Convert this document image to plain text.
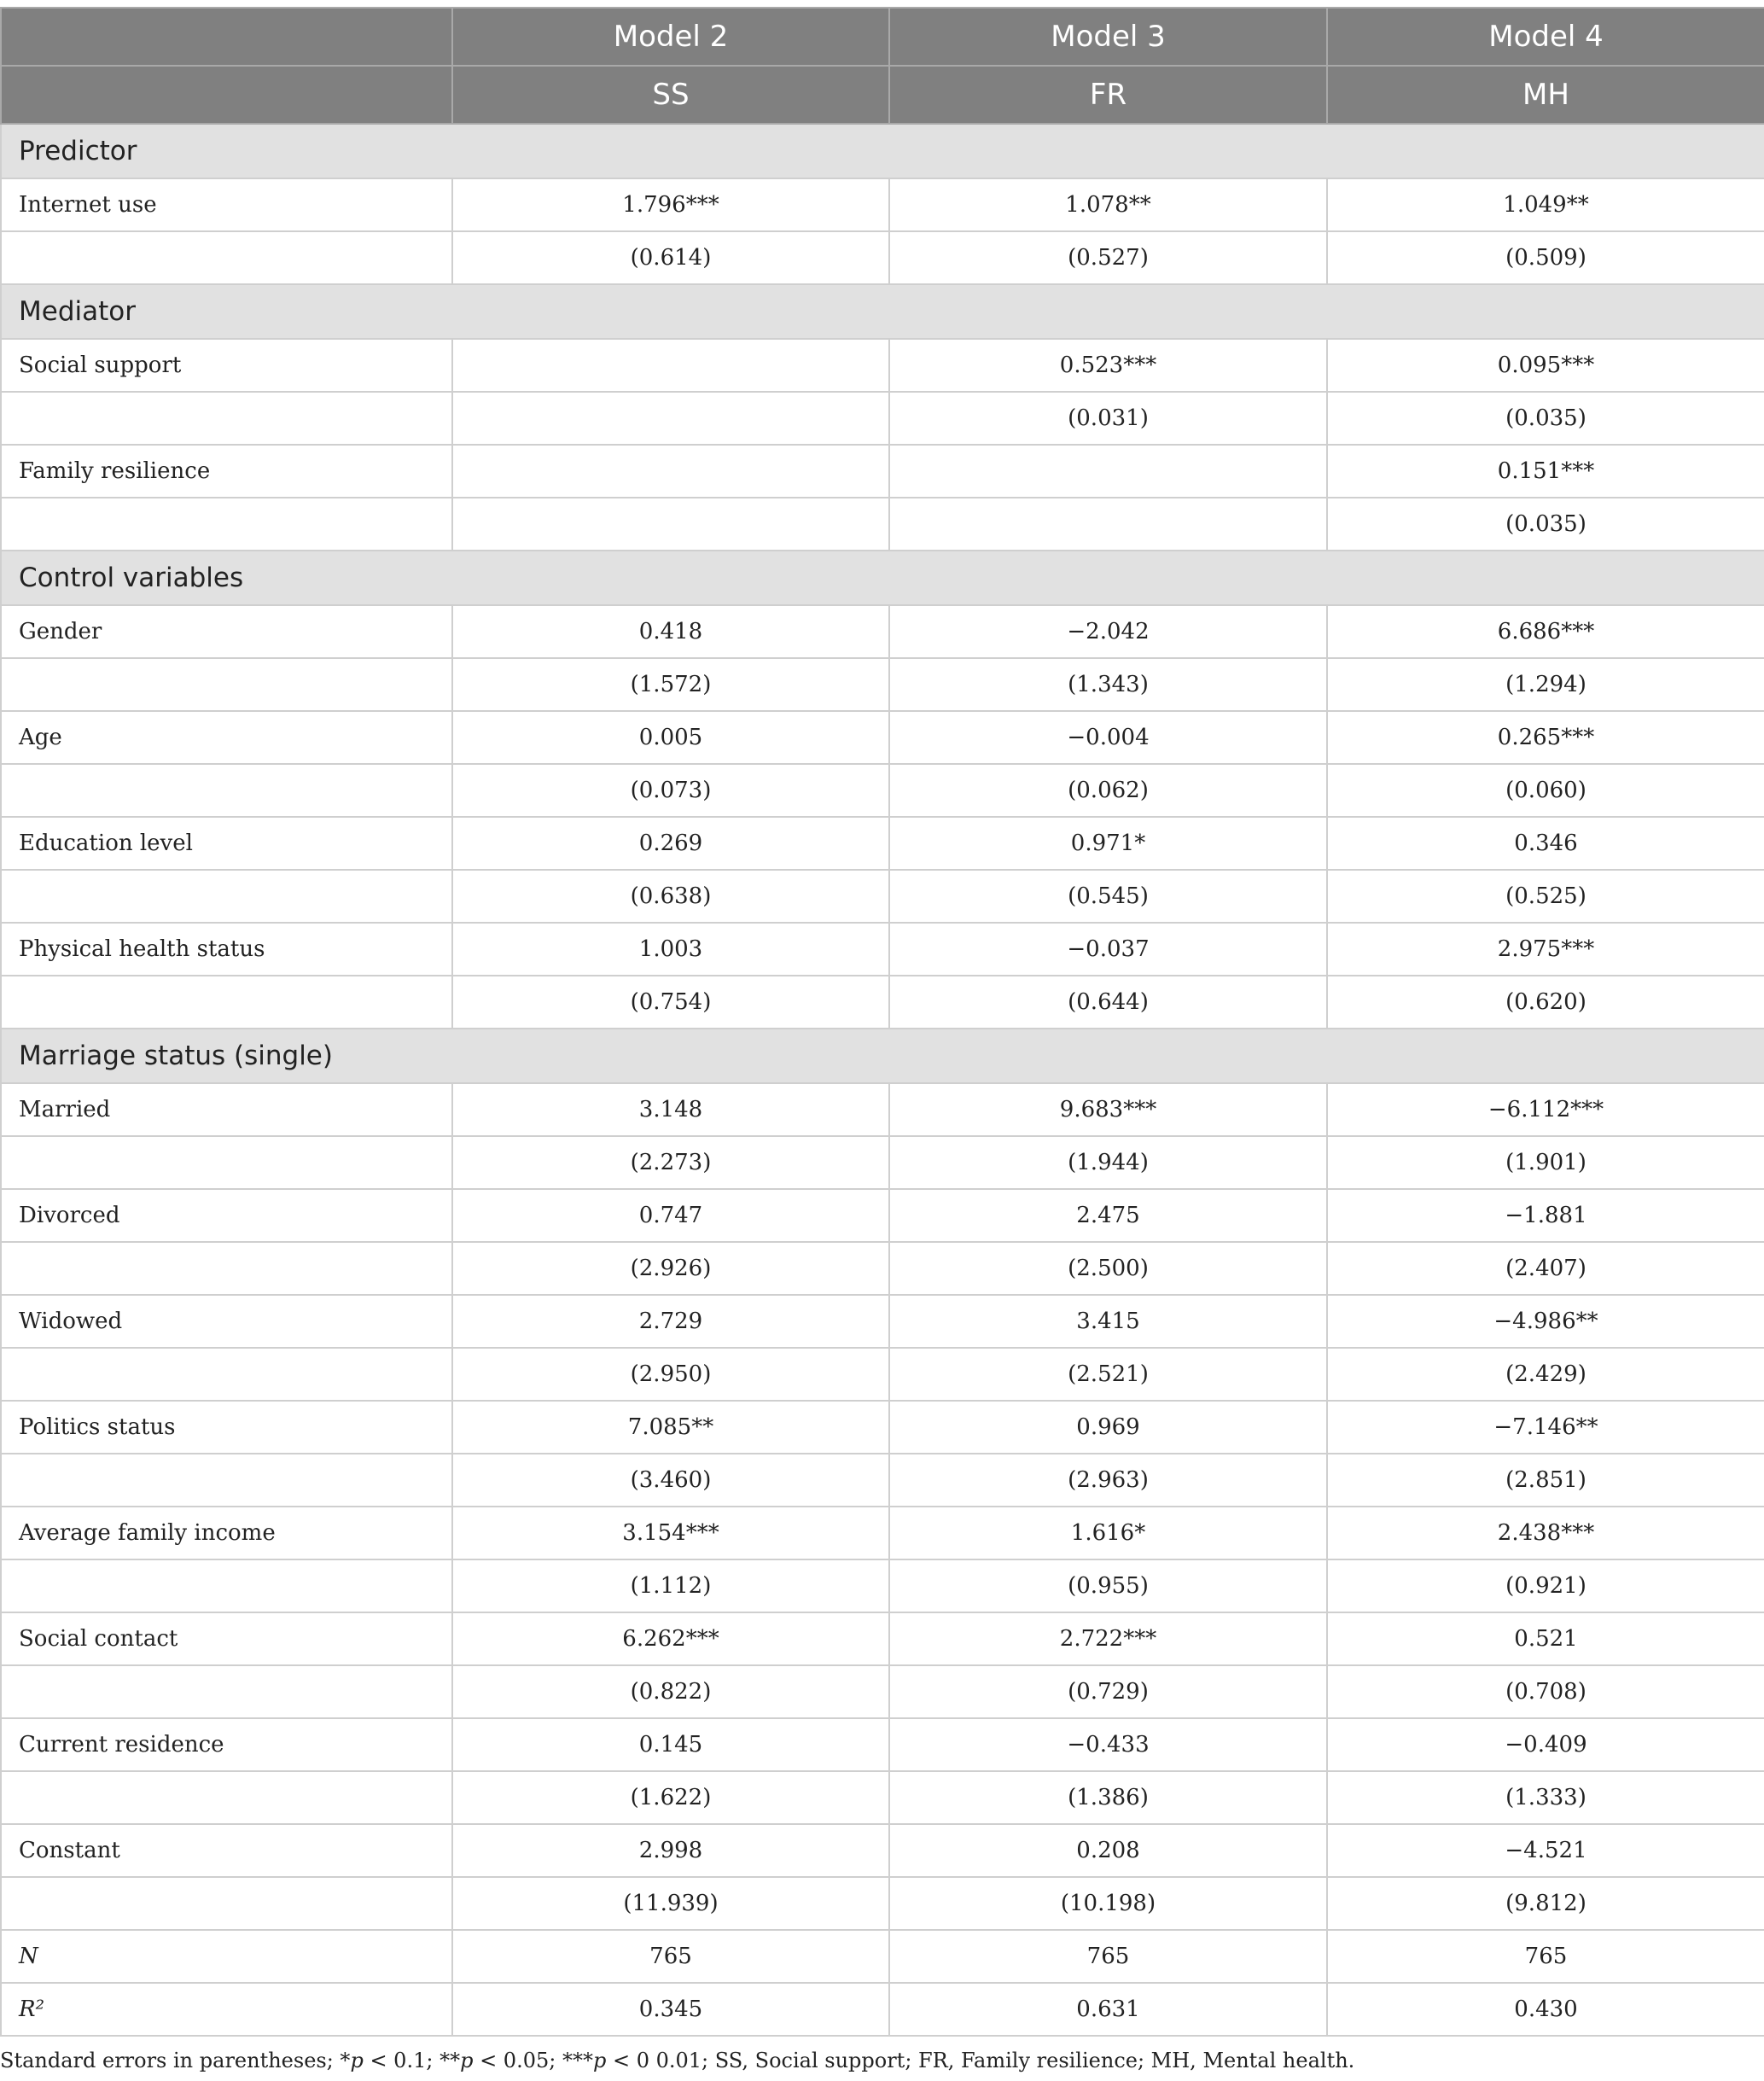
	Model 2	Model 3	Model 4
	SS	FR	MH
Predictor			
Internet use	1.796***	1.078**	1.049**
	(0.614)	(0.527)	(0.509)
Mediator			
Social support		0.523***	0.095***
		(0.031)	(0.035)
Family resilience			0.151***
			(0.035)
Control variables			
Gender	0.418	−2.042	6.686***
	(1.572)	(1.343)	(1.294)
Age	0.005	−0.004	0.265***
	(0.073)	(0.062)	(0.060)
Education level	0.269	0.971*	0.346
	(0.638)	(0.545)	(0.525)
Physical health status	1.003	−0.037	2.975***
	(0.754)	(0.644)	(0.620)
Marriage status (single)			
Married	3.148	9.683***	−6.112***
	(2.273)	(1.944)	(1.901)
Divorced	0.747	2.475	−1.881
	(2.926)	(2.500)	(2.407)
Widowed	2.729	3.415	−4.986**
	(2.950)	(2.521)	(2.429)
Politics status	7.085**	0.969	−7.146**
	(3.460)	(2.963)	(2.851)
Average family income	3.154***	1.616*	2.438***
	(1.112)	(0.955)	(0.921)
Social contact	6.262***	2.722***	0.521
	(0.822)	(0.729)	(0.708)
Current residence	0.145	−0.433	−0.409
	(1.622)	(1.386)	(1.333)
Constant	2.998	0.208	−4.521
	(11.939)	(10.198)	(9.812)
N	765	765	765
R²	0.345	0.631	0.430
Standard errors in parentheses; *p < 0.1; **p < 0.05; ***p < 0 0.01; SS, Social support; FR, Family resilience; MH, Mental health.
